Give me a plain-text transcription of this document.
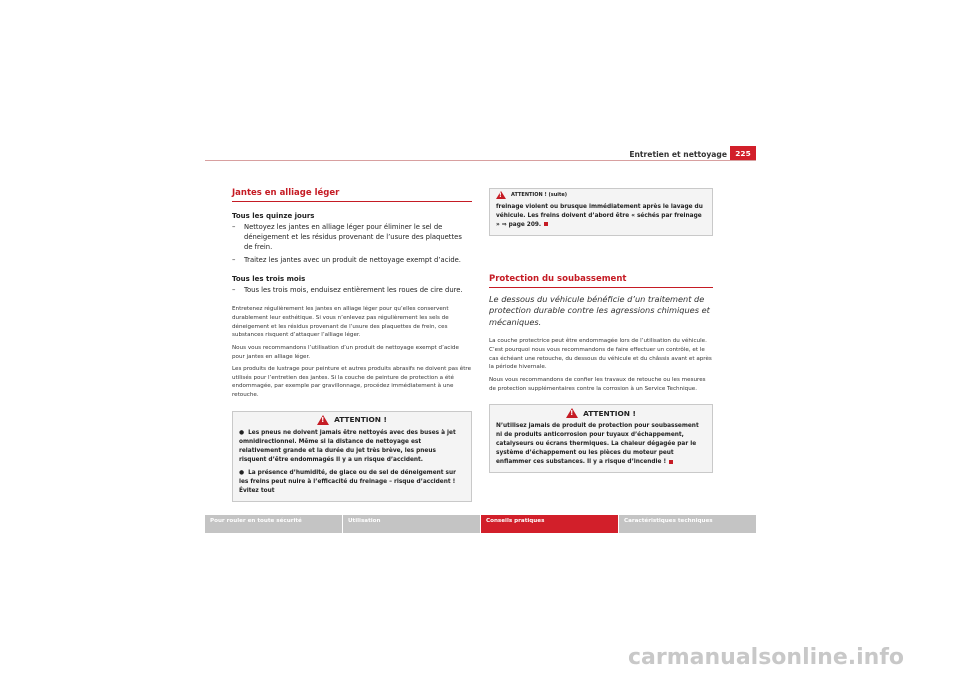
Entretien et nettoyage	225
Jantes en alliage léger
Tous les quinze jours
– Nettoyez les jantes en alliage léger pour éliminer le sel de déneigement et les résidus provenant de l’usure des plaquettes de frein.
– Traitez les jantes avec un produit de nettoyage exempt d’acide.
Tous les trois mois
– Tous les trois mois, enduisez entièrement les roues de cire dure.

Entretenez régulièrement les jantes en alliage léger pour qu’elles conservent durablement leur esthétique. Si vous n’enlevez pas régulièrement les sels de déneigement et les résidus provenant de l’usure des plaquettes de frein, ces substances risquent d’attaquer l’alliage léger.

Nous vous recommandons l’utilisation d’un produit de nettoyage exempt d’acide pour jantes en alliage léger.

Les produits de lustrage pour peinture et autres produits abrasifs ne doivent pas être utilisés pour l’entretien des jantes. Si la couche de peinture de protection a été endommagée, par exemple par gravillonnage, procédez immédiatement à une retouche.

!
ATTENTION !
● Les pneus ne doivent jamais être nettoyés avec des buses à jet omnidirectionnel. Même si la distance de nettoyage est relativement grande et la durée du jet très brève, les pneus risquent d’être endommagés Il y a un risque d’accident.
● La présence d’humidité, de glace ou de sel de déneigement sur les freins peut nuire à l’efficacité du freinage – risque d’accident ! Évitez tout
!
ATTENTION ! (suite)
freinage violent ou brusque immédiatement après le lavage du véhicule. Les freins doivent d’abord être « séchés par freinage » ⇒ page 209.
Protection du soubassement

Le dessous du véhicule bénéficie d’un traitement de protection durable contre les agressions chimiques et mécaniques.

La couche protectrice peut être endommagée lors de l’utilisation du véhicule. C’est pourquoi nous vous recommandons de faire effectuer un contrôle, et le cas échéant une retouche, du dessous du véhicule et du châssis avant et après la période hivernale.

Nous vous recommandons de confier les travaux de retouche ou les mesures de protection supplémentaires contre la corrosion à un Service Technique.

!
ATTENTION !
N’utilisez jamais de produit de protection pour soubassement ni de produits anticorrosion pour tuyaux d’échappement, catalyseurs ou écrans thermiques. La chaleur dégagée par le système d’échappement ou les pièces du moteur peut enflammer ces substances. Il y a risque d’incendie !
Pour rouler en toute sécurité	Utilisation	Conseils pratiques	Caractéristiques techniques
carmanualsonline.info
